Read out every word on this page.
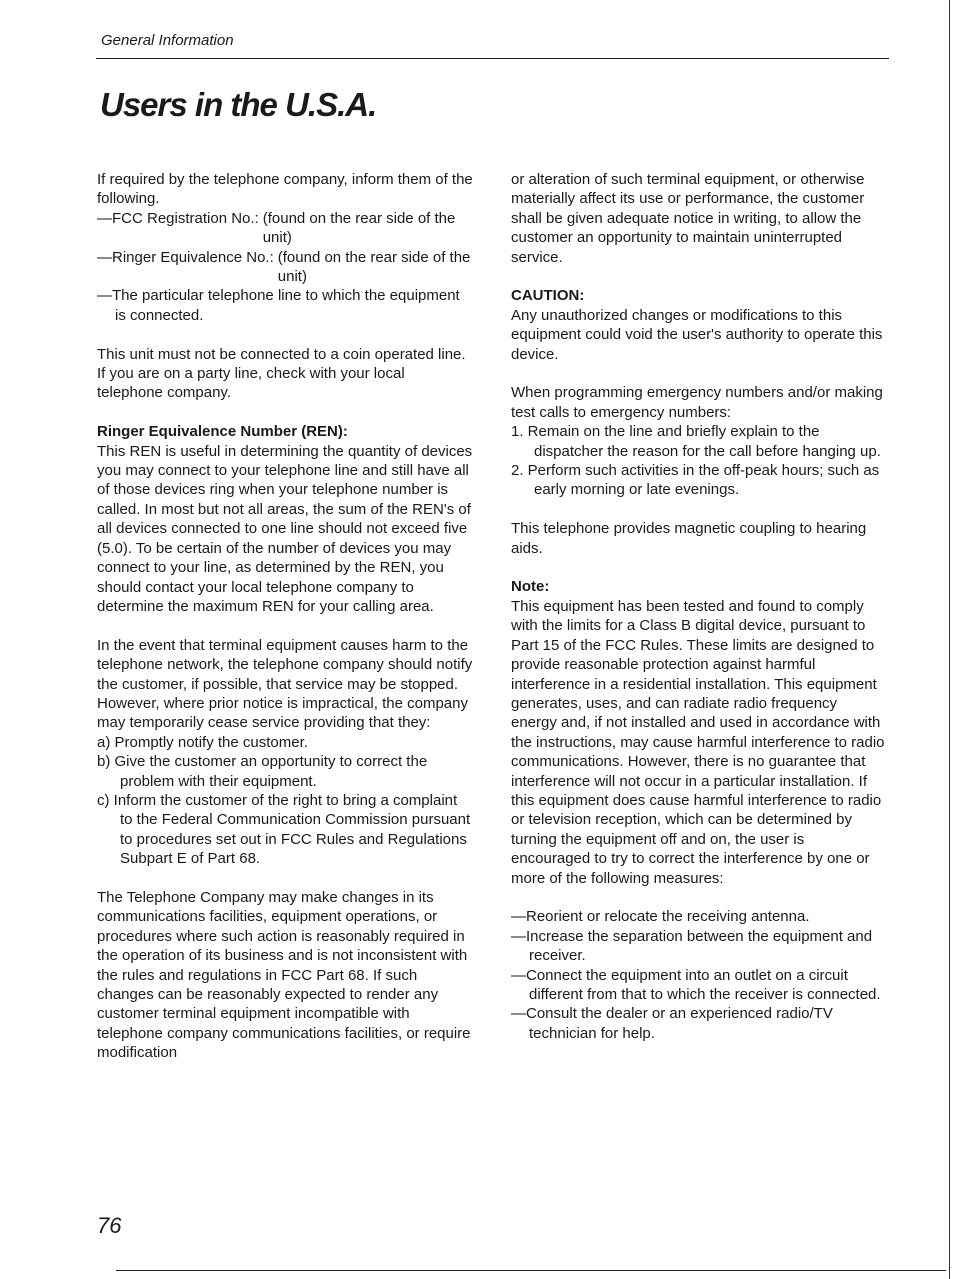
General Information
Users in the U.S.A.

If required by the telephone company, inform them of the following.

—FCC Registration No.: (found on the rear side of the unit)
—Ringer Equivalence No.: (found on the rear side of the unit)

—The particular telephone line to which the equipment is connected.

This unit must not be connected to a coin operated line. If you are on a party line, check with your local telephone company.

Ringer Equivalence Number (REN):

This REN is useful in determining the quantity of devices you may connect to your telephone line and still have all of those devices ring when your telephone number is called. In most but not all areas, the sum of the REN's of all devices connected to one line should not exceed five (5.0). To be certain of the number of devices you may connect to your line, as determined by the REN, you should contact your local telephone company to determine the maximum REN for your calling area.

In the event that terminal equipment causes harm to the telephone network, the telephone company should notify the customer, if possible, that service may be stopped. However, where prior notice is impractical, the company may temporarily cease service providing that they:

a) Promptly notify the customer.

b) Give the customer an opportunity to correct the problem with their equipment.

c) Inform the customer of the right to bring a complaint to the Federal Communication Commission pursuant to procedures set out in FCC Rules and Regulations Subpart E of Part 68.

The Telephone Company may make changes in its communications facilities, equipment operations, or procedures where such action is reasonably required in the operation of its business and is not inconsistent with the rules and regulations in FCC Part 68. If such changes can be reasonably expected to render any customer terminal equipment incompatible with telephone company communications facilities, or require modification

or alteration of such terminal equipment, or otherwise materially affect its use or performance, the customer shall be given adequate notice in writing, to allow the customer an opportunity to maintain uninterrupted service.

CAUTION:

Any unauthorized changes or modifications to this equipment could void the user's authority to operate this device.

When programming emergency numbers and/or making test calls to emergency numbers:

1. Remain on the line and briefly explain to the dispatcher the reason for the call before hanging up.

2. Perform such activities in the off-peak hours; such as early morning or late evenings.

This telephone provides magnetic coupling to hearing aids.

Note:

This equipment has been tested and found to comply with the limits for a Class B digital device, pursuant to Part 15 of the FCC Rules. These limits are designed to provide reasonable protection against harmful interference in a residential installation. This equipment generates, uses, and can radiate radio frequency energy and, if not installed and used in accordance with the instructions, may cause harmful interference to radio communications. However, there is no guarantee that interference will not occur in a particular installation. If this equipment does cause harmful interference to radio or television reception, which can be determined by turning the equipment off and on, the user is encouraged to try to correct the interference by one or more of the following measures:

—Reorient or relocate the receiving antenna.

—Increase the separation between the equipment and receiver.

—Connect the equipment into an outlet on a circuit different from that to which the receiver is connected.

—Consult the dealer or an experienced radio/TV technician for help.

76
